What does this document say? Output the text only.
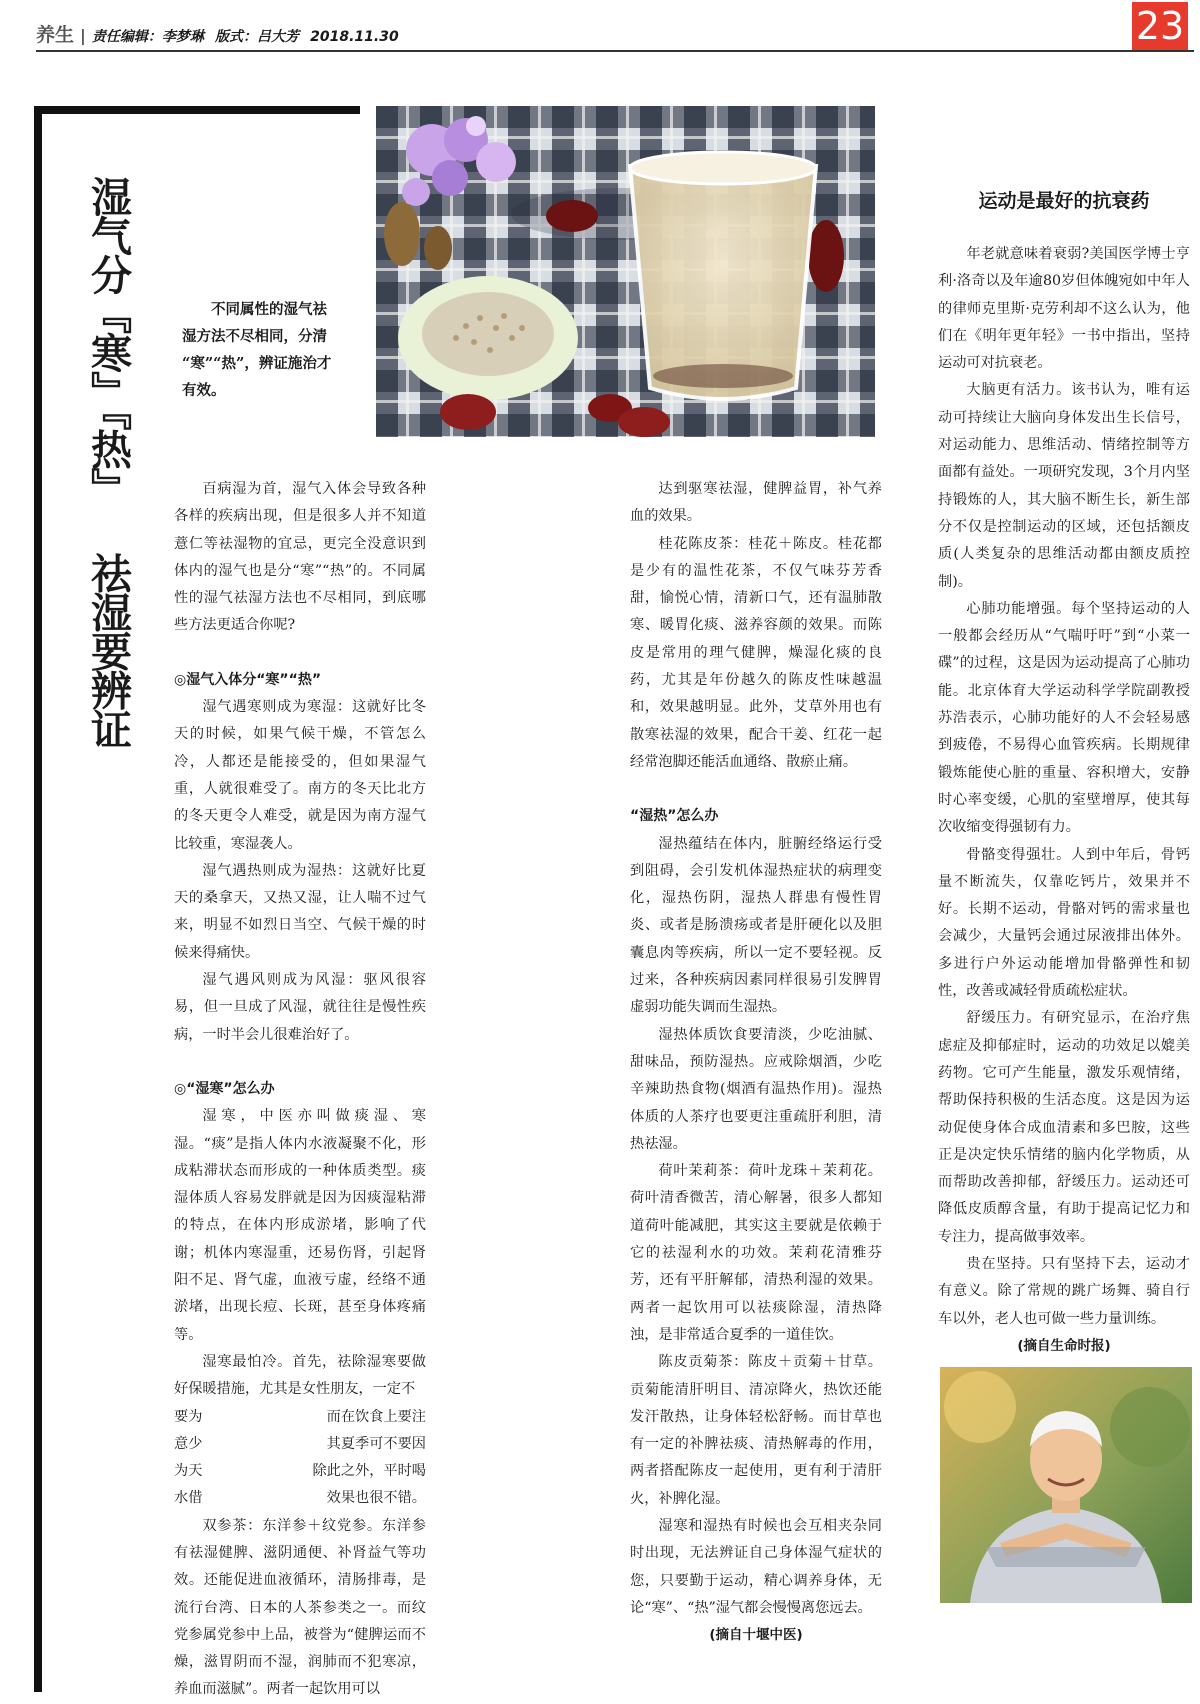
养生 | 责任编辑：李梦琳 版式：吕大芳 2018.11.30	23
湿气分『寒』『热』 祛湿要辨证	不同属性的湿气祛
湿方法不尽相同，分清
“寒”“热”，辨证施治才
有效。

百病湿为首，湿气入体会导致各种各样的疾病出现，但是很多人并不知道薏仁等祛湿物的宜忌，更完全没意识到体内的湿气也是分“寒”“热”的。不同属性的湿气祛湿方法也不尽相同，到底哪些方法更适合你呢?

◎湿气入体分“寒”“热”

湿气遇寒则成为寒湿：这就好比冬天的时候，如果气候干燥，不管怎么冷，人都还是能接受的，但如果湿气重，人就很难受了。南方的冬天比北方的冬天更令人难受，就是因为南方湿气比较重，寒湿袭人。

湿气遇热则成为湿热：这就好比夏天的桑拿天，又热又湿，让人喘不过气来，明显不如烈日当空、气候干燥的时候来得痛快。

湿气遇风则成为风湿：驱风很容易，但一旦成了风湿，就往往是慢性疾病，一时半会儿很难治好了。

◎“湿寒”怎么办

湿寒，中医亦叫做痰湿、寒湿。“痰”是指人体内水液凝聚不化，形成粘滞状态而形成的一种体质类型。痰湿体质人容易发胖就是因为因痰湿粘滞的特点，在体内形成淤堵，影响了代谢；机体内寒湿重，还易伤肾，引起肾阳不足、肾气虚，血液亏虚，经络不通淤堵，出现长痘、长斑，甚至身体疼痛等。

湿寒最怕冷。首先，祛除湿寒要做好保暖措施，尤其是女性朋友，一定不

要为	而在饮食上要注
意少	其夏季可不要因
为天	除此之外，平时喝
水借	效果也很不错。

双参茶：东洋参＋纹党参。东洋参有祛湿健脾、滋阴通便、补肾益气等功效。还能促进血液循环，清肠排毒，是流行台湾、日本的人茶参类之一。而纹党参属党参中上品，被誉为“健脾运而不燥，滋胃阴而不湿，润肺而不犯寒凉，养血而滋腻”。两者一起饮用可以

达到驱寒祛湿，健脾益胃，补气养血的效果。

桂花陈皮茶：桂花＋陈皮。桂花都是少有的温性花茶，不仅气味芬芳香甜，愉悦心情，清新口气，还有温肺散寒、暖胃化痰、滋养容颜的效果。而陈皮是常用的理气健脾，燥湿化痰的良药，尤其是年份越久的陈皮性味越温和，效果越明显。此外，艾草外用也有散寒祛湿的效果，配合干姜、红花一起经常泡脚还能活血通络、散瘀止痛。

“湿热”怎么办

湿热蕴结在体内，脏腑经络运行受到阻碍，会引发机体湿热症状的病理变化，湿热伤阴，湿热人群患有慢性胃炎、或者是肠溃疡或者是肝硬化以及胆囊息肉等疾病，所以一定不要轻视。反过来，各种疾病因素同样很易引发脾胃虚弱功能失调而生湿热。

湿热体质饮食要清淡，少吃油腻、甜味品，预防湿热。应戒除烟酒，少吃辛辣助热食物(烟酒有温热作用)。湿热体质的人茶疗也要更注重疏肝利胆，清热祛湿。

荷叶茉莉茶：荷叶龙珠＋茉莉花。荷叶清香微苦，清心解暑，很多人都知道荷叶能减肥，其实这主要就是依赖于它的祛湿利水的功效。茉莉花清雅芬芳，还有平肝解郁，清热利湿的效果。两者一起饮用可以祛痰除湿，清热降浊，是非常适合夏季的一道佳饮。

陈皮贡菊茶：陈皮＋贡菊＋甘草。贡菊能清肝明目、清凉降火，热饮还能发汗散热，让身体轻松舒畅。而甘草也有一定的补脾祛痰、清热解毒的作用，两者搭配陈皮一起使用，更有利于清肝火，补脾化湿。

湿寒和湿热有时候也会互相夹杂同时出现，无法辨证自己身体湿气症状的您，只要勤于运动，精心调养身体，无论“寒”、“热”湿气都会慢慢离您远去。

(摘自十堰中医)

运动是最好的抗衰药

年老就意味着衰弱?美国医学博士亨利·洛奇以及年逾80岁但体魄宛如中年人的律师克里斯·克劳利却不这么认为，他们在《明年更年轻》一书中指出，坚持运动可对抗衰老。

大脑更有活力。该书认为，唯有运动可持续让大脑向身体发出生长信号，对运动能力、思维活动、情绪控制等方面都有益处。一项研究发现，3个月内坚持锻炼的人，其大脑不断生长，新生部分不仅是控制运动的区域，还包括额皮质(人类复杂的思维活动都由额皮质控制)。

心肺功能增强。每个坚持运动的人一般都会经历从“气喘吁吁”到“小菜一碟”的过程，这是因为运动提高了心肺功能。北京体育大学运动科学学院副教授苏浩表示，心肺功能好的人不会轻易感到疲倦，不易得心血管疾病。长期规律锻炼能使心脏的重量、容积增大，安静时心率变缓，心肌的室壁增厚，使其每次收缩变得强韧有力。

骨骼变得强壮。人到中年后，骨钙量不断流失，仅靠吃钙片，效果并不好。长期不运动，骨骼对钙的需求量也会减少，大量钙会通过尿液排出体外。多进行户外运动能增加骨骼弹性和韧性，改善或减轻骨质疏松症状。

舒缓压力。有研究显示，在治疗焦虑症及抑郁症时，运动的功效足以媲美药物。它可产生能量，激发乐观情绪，帮助保持积极的生活态度。这是因为运动促使身体合成血清素和多巴胺，这些正是决定快乐情绪的脑内化学物质，从而帮助改善抑郁，舒缓压力。运动还可降低皮质醇含量，有助于提高记忆力和专注力，提高做事效率。

贵在坚持。只有坚持下去，运动才有意义。除了常规的跳广场舞、骑自行车以外，老人也可做一些力量训练。

(摘自生命时报)
